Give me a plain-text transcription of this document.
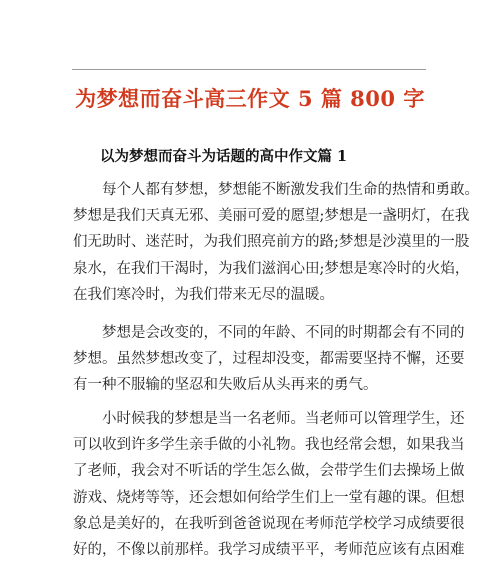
为梦想而奋斗高三作文 5 篇 800 字
以为梦想而奋斗为话题的高中作文篇 1

每个人都有梦想，梦想能不断激发我们生命的热情和勇敢。
梦想是我们天真无邪、美丽可爱的愿望;梦想是一盏明灯，在我
们无助时、迷茫时，为我们照亮前方的路;梦想是沙漠里的一股
泉水，在我们干渴时，为我们滋润心田;梦想是寒冷时的火焰，
在我们寒冷时，为我们带来无尽的温暖。

梦想是会改变的，不同的年龄、不同的时期都会有不同的
梦想。虽然梦想改变了，过程却没变，都需要坚持不懈，还要
有一种不服输的坚忍和失败后从头再来的勇气。

小时候我的梦想是当一名老师。当老师可以管理学生，还
可以收到许多学生亲手做的小礼物。我也经常会想，如果我当
了老师，我会对不听话的学生怎么做，会带学生们去操场上做
游戏、烧烤等等，还会想如何给学生们上一堂有趣的课。但想
象总是美好的，在我听到爸爸说现在考师范学校学习成绩要很
好的，不像以前那样。我学习成绩平平，考师范应该有点困难
